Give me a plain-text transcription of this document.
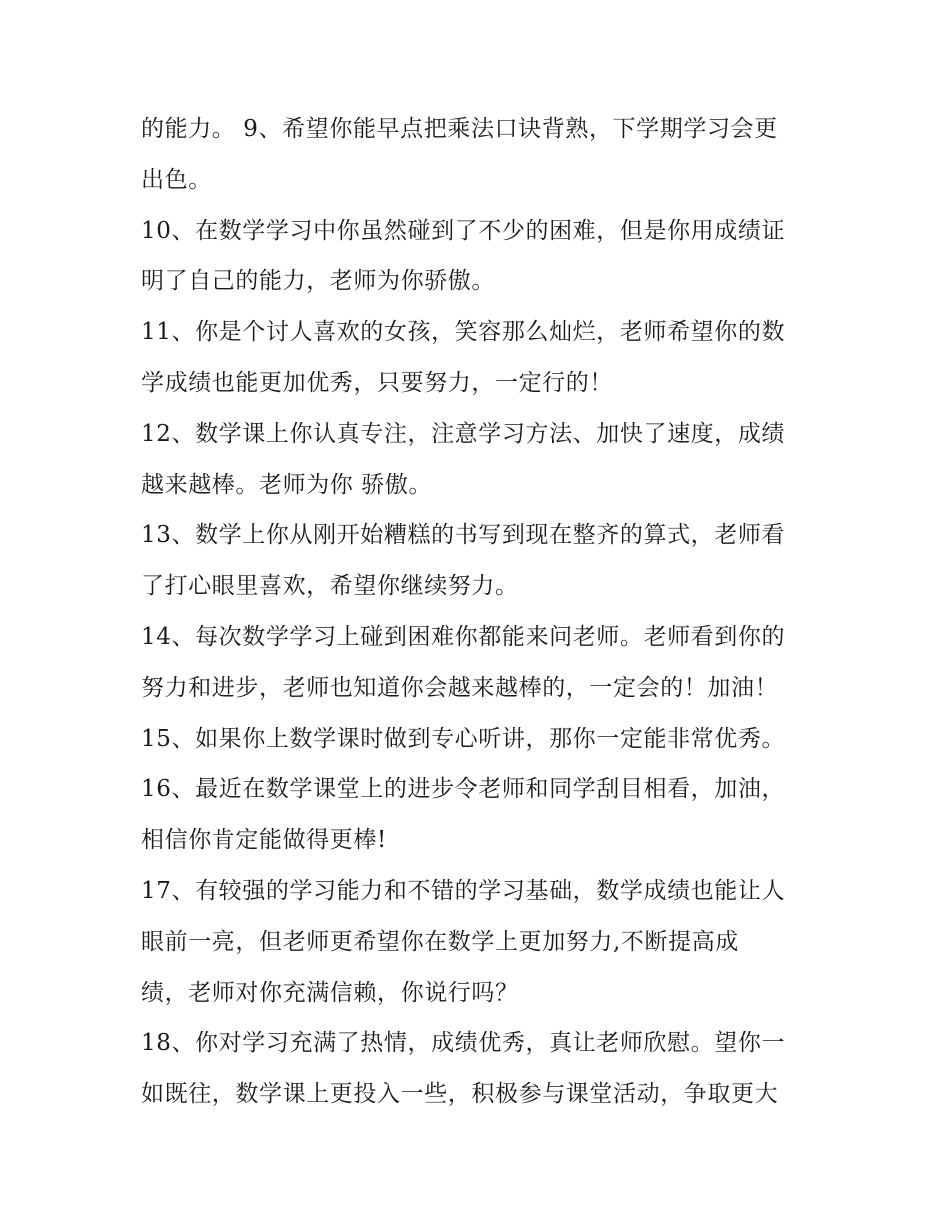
的能力。 9、希望你能早点把乘法口诀背熟，下学期学习会更
出色。
10、在数学学习中你虽然碰到了不少的困难，但是你用成绩证
明了自己的能力，老师为你骄傲。
11、你是个讨人喜欢的女孩，笑容那么灿烂，老师希望你的数
学成绩也能更加优秀，只要努力，一定行的！
12、数学课上你认真专注，注意学习方法、加快了速度，成绩
越来越棒。老师为你 骄傲。
13、数学上你从刚开始糟糕的书写到现在整齐的算式，老师看
了打心眼里喜欢，希望你继续努力。
14、每次数学学习上碰到困难你都能来问老师。老师看到你的
努力和进步，老师也知道你会越来越棒的，一定会的！加油！
15、如果你上数学课时做到专心听讲，那你一定能非常优秀。
16、最近在数学课堂上的进步令老师和同学刮目相看，加油，
相信你肯定能做得更棒!
17、有较强的学习能力和不错的学习基础，数学成绩也能让人
眼前一亮，但老师更希望你在数学上更加努力,不断提高成
绩，老师对你充满信赖，你说行吗？
18、你对学习充满了热情，成绩优秀，真让老师欣慰。望你一
如既往，数学课上更投入一些，积极参与课堂活动，争取更大
